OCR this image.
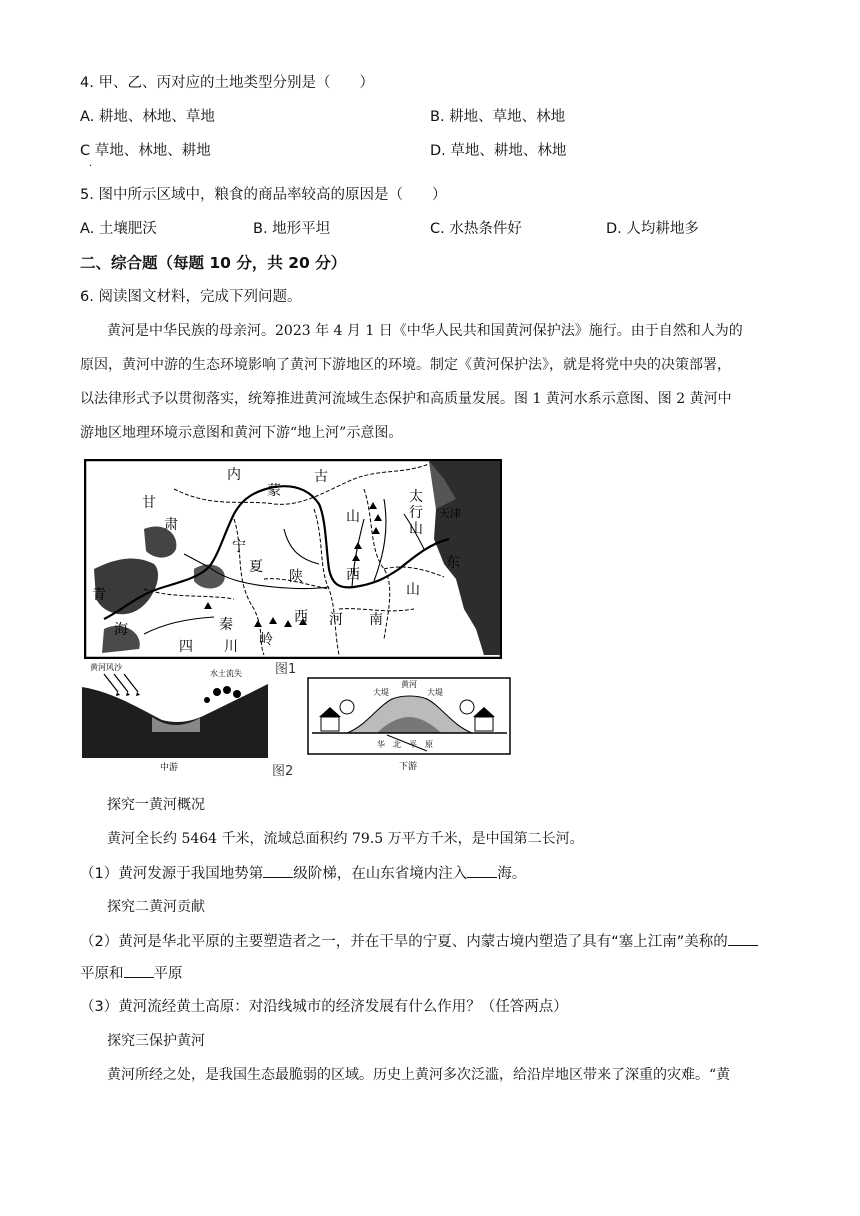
4. 甲、乙、丙对应的土地类型分别是（　　）
A. 耕地、林地、草地	B. 耕地、草地、林地
C 草地、林地、耕地
·
D. 草地、耕地、林地
5. 图中所示区域中，粮食的商品率较高的原因是（　　）
A. 土壤肥沃	B. 地形平坦	C. 水热条件好	D. 人均耕地多
二、综合题（每题 10 分，共 20 分）
6. 阅读图文材料，完成下列问题。
黄河是中华民族的母亲河。2023 年 4 月 1 日《中华人民共和国黄河保护法》施行。由于自然和人为的
原因，黄河中游的生态环境影响了黄河下游地区的环境。制定《黄河保护法》，就是将党中央的决策部署，
以法律形式予以贯彻落实，统筹推进黄河流域生态保护和高质量发展。图 1 黄河水系示意图、图 2 黄河中
游地区地理环境示意图和黄河下游“地上河”示意图。
内
蒙
古
甘
肃
宁
夏
山
西
太
行
山
天津
东
山
青
海
陕
西 河 南
秦
岭
四 川
图1
黄河风沙
水土流失
中游	图2
大堤
黄河
大堤
华　北　平　原
下游
探究一黄河概况
黄河全长约 5464 千米，流域总面积约 79.5 万平方千米，是中国第二长河。
（1）黄河发源于我国地势第 级阶梯，在山东省境内注入 海。
探究二黄河贡献
（2）黄河是华北平原的主要塑造者之一，并在干旱的宁夏、内蒙古境内塑造了具有“塞上江南”美称的
平原和 平原
（3）黄河流经黄土高原：对沿线城市的经济发展有什么作用？（任答两点）
探究三保护黄河
黄河所经之处，是我国生态最脆弱的区域。历史上黄河多次泛滥，给沿岸地区带来了深重的灾难。“黄
